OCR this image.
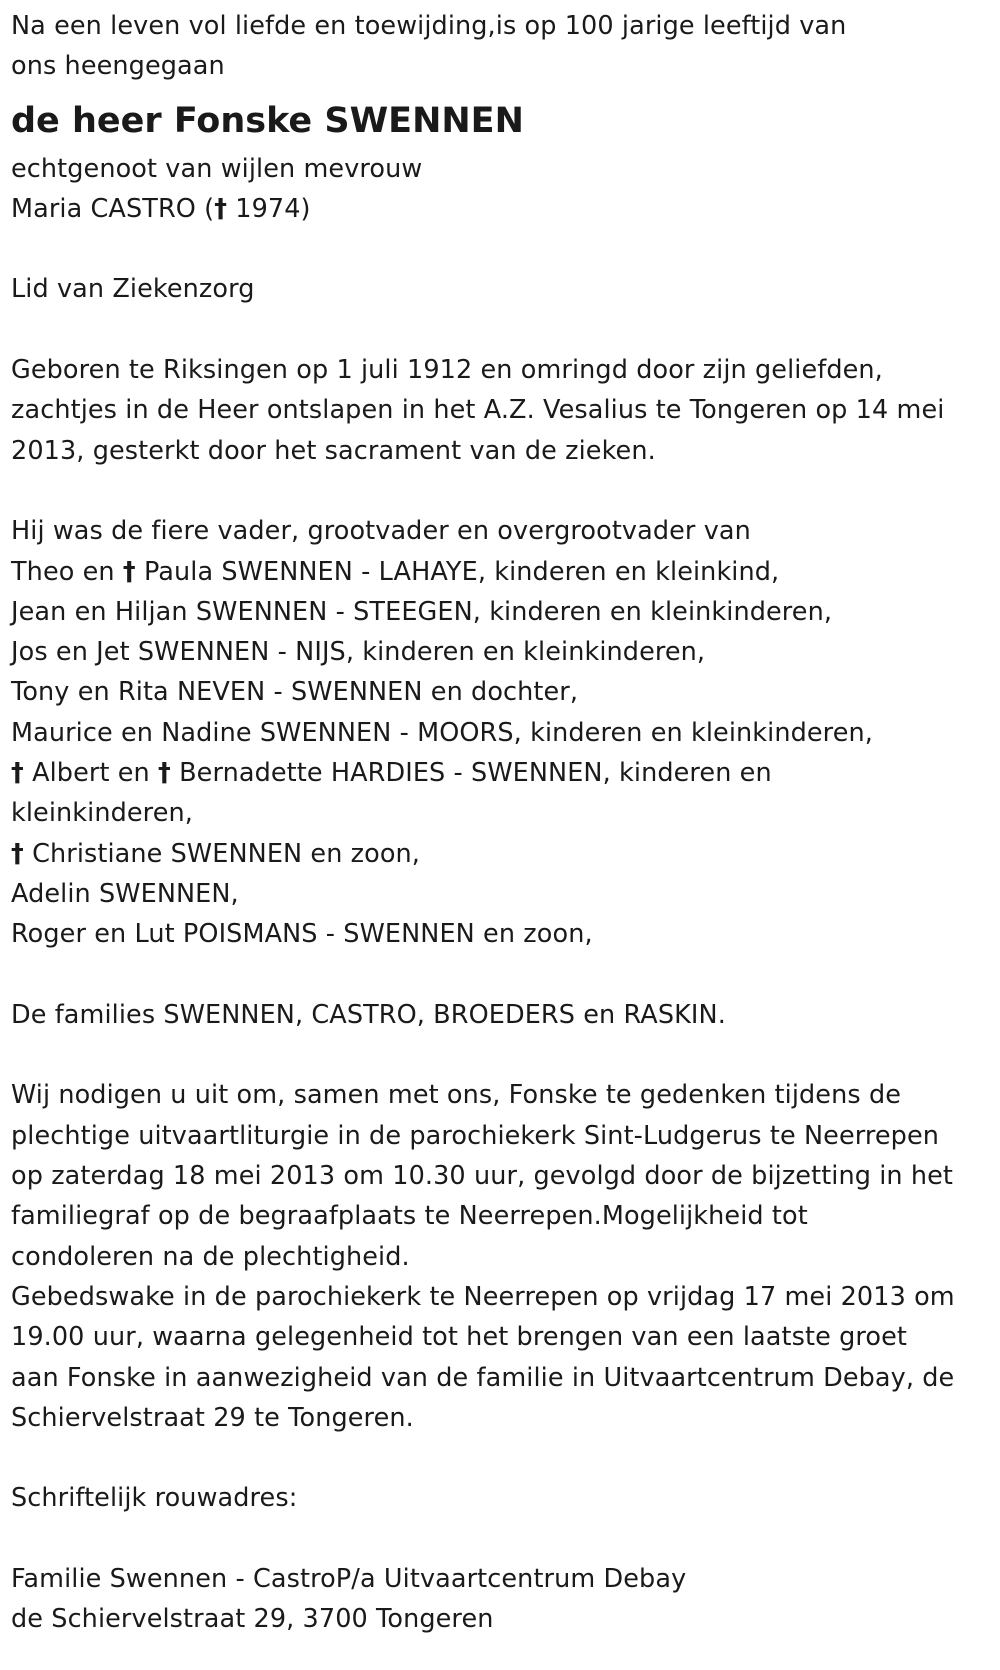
Na een leven vol liefde en toewijding,is op 100 jarige leeftijd van
ons heengegaan
de heer Fonske SWENNEN
echtgenoot van wijlen mevrouw
Maria CASTRO († 1974)
Lid van Ziekenzorg
Geboren te Riksingen op 1 juli 1912 en omringd door zijn geliefden,
zachtjes in de Heer ontslapen in het A.Z. Vesalius te Tongeren op 14 mei
2013, gesterkt door het sacrament van de zieken.
Hij was de fiere vader, grootvader en overgrootvader van
Theo en † Paula SWENNEN - LAHAYE, kinderen en kleinkind,
Jean en Hiljan SWENNEN - STEEGEN, kinderen en kleinkinderen,
Jos en Jet SWENNEN - NIJS, kinderen en kleinkinderen,
Tony en Rita NEVEN - SWENNEN en dochter,
Maurice en Nadine SWENNEN - MOORS, kinderen en kleinkinderen,
† Albert en † Bernadette HARDIES - SWENNEN, kinderen en
kleinkinderen,
† Christiane SWENNEN en zoon,
Adelin SWENNEN,
Roger en Lut POISMANS - SWENNEN en zoon,
De families SWENNEN, CASTRO, BROEDERS en RASKIN.
Wij nodigen u uit om, samen met ons, Fonske te gedenken tijdens de
plechtige uitvaartliturgie in de parochiekerk Sint-Ludgerus te Neerrepen
op zaterdag 18 mei 2013 om 10.30 uur, gevolgd door de bijzetting in het
familiegraf op de begraafplaats te Neerrepen.Mogelijkheid tot
condoleren na de plechtigheid.
Gebedswake in de parochiekerk te Neerrepen op vrijdag 17 mei 2013 om
19.00 uur, waarna gelegenheid tot het brengen van een laatste groet
aan Fonske in aanwezigheid van de familie in Uitvaartcentrum Debay, de
Schiervelstraat 29 te Tongeren.
Schriftelijk rouwadres:
Familie Swennen - CastroP/a Uitvaartcentrum Debay
de Schiervelstraat 29, 3700 Tongeren
